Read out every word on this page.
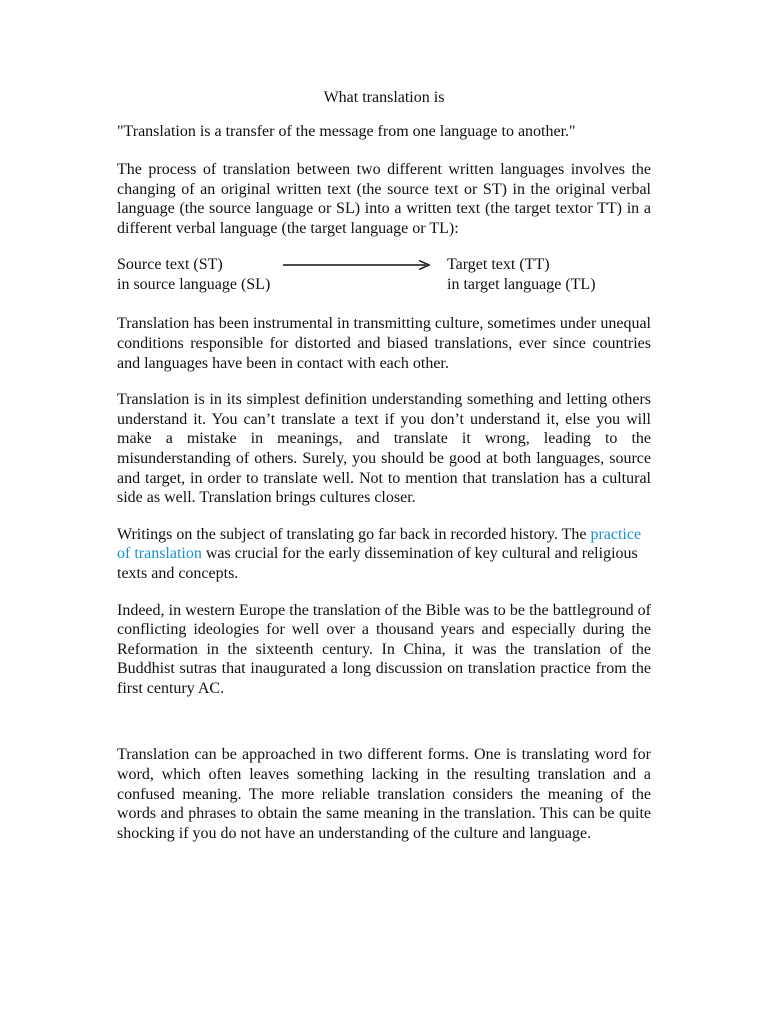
What translation is
"Translation is a transfer of the message from one language to another."
The process of translation between two different written languages involves the changing of an original written text (the source text or ST) in the original verbal language (the source language or SL) into a written text (the target textor TT) in a different verbal language (the target language or TL):
Source text (ST)
in source language (SL)
Target text (TT)
in target language (TL)
Translation has been instrumental in transmitting culture, sometimes under unequal conditions responsible for distorted and biased translations, ever since countries and languages have been in contact with each other.
Translation is in its simplest definition understanding something and letting others understand it. You can’t translate a text if you don’t understand it, else you will make a mistake in meanings, and translate it wrong, leading to the misunderstanding of others. Surely, you should be good at both languages, source and target, in order to translate well. Not to mention that translation has a cultural side as well. Translation brings cultures closer.
Writings on the subject of translating go far back in recorded history. The practice of translation was crucial for the early dissemination of key cultural and religious texts and concepts.
Indeed, in western Europe the translation of the Bible was to be the battleground of conflicting ideologies for well over a thousand years and especially during the Reformation in the sixteenth century. In China, it was the translation of the Buddhist sutras that inaugurated a long discussion on translation practice from the first century AC.
Translation can be approached in two different forms. One is translating word for word, which often leaves something lacking in the resulting translation and a confused meaning. The more reliable translation considers the meaning of the words and phrases to obtain the same meaning in the translation. This can be quite shocking if you do not have an understanding of the culture and language.
